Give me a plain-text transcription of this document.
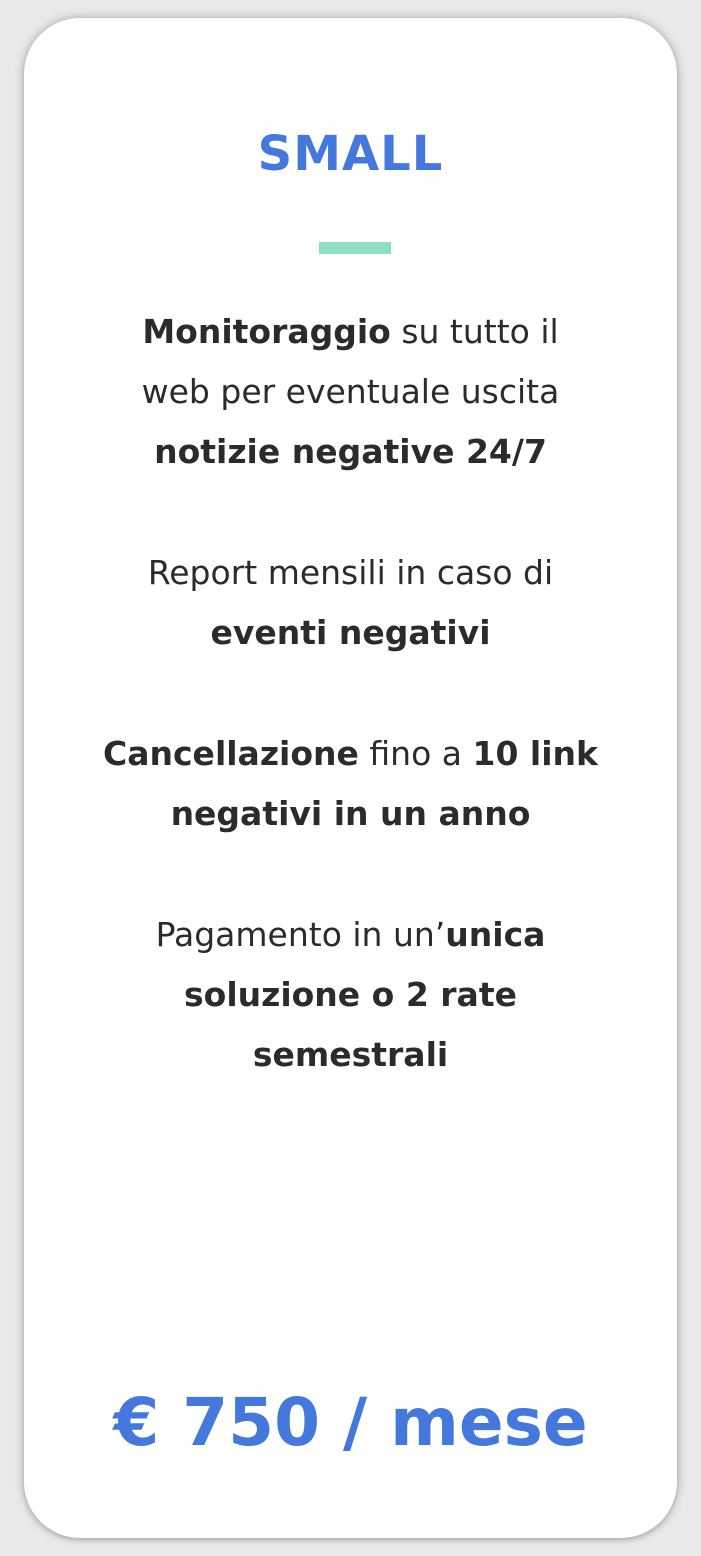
SMALL

Monitoraggio su tutto il
web per eventuale uscita
notizie negative 24/7

Report mensili in caso di
eventi negativi

Cancellazione fino a 10 link
negativi in un anno

Pagamento in un’unica
soluzione o 2 rate
semestrali

€ 750 / mese
